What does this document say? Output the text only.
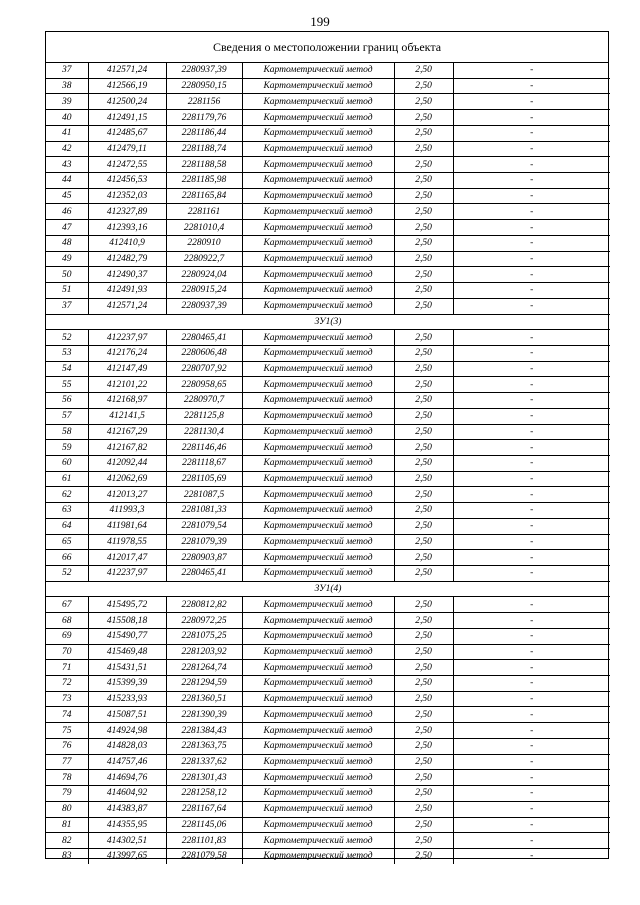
199
Сведения о местоположении границ объекта
37	412571,24	2280937,39	Картометрический метод	2,50	-
38	412566,19	2280950,15	Картометрический метод	2,50	-
39	412500,24	2281156	Картометрический метод	2,50	-
40	412491,15	2281179,76	Картометрический метод	2,50	-
41	412485,67	2281186,44	Картометрический метод	2,50	-
42	412479,11	2281188,74	Картометрический метод	2,50	-
43	412472,55	2281188,58	Картометрический метод	2,50	-
44	412456,53	2281185,98	Картометрический метод	2,50	-
45	412352,03	2281165,84	Картометрический метод	2,50	-
46	412327,89	2281161	Картометрический метод	2,50	-
47	412393,16	2281010,4	Картометрический метод	2,50	-
48	412410,9	2280910	Картометрический метод	2,50	-
49	412482,79	2280922,7	Картометрический метод	2,50	-
50	412490,37	2280924,04	Картометрический метод	2,50	-
51	412491,93	2280915,24	Картометрический метод	2,50	-
37	412571,24	2280937,39	Картометрический метод	2,50	-
ЗУ1(3)					
52	412237,97	2280465,41	Картометрический метод	2,50	-
53	412176,24	2280606,48	Картометрический метод	2,50	-
54	412147,49	2280707,92	Картометрический метод	2,50	-
55	412101,22	2280958,65	Картометрический метод	2,50	-
56	412168,97	2280970,7	Картометрический метод	2,50	-
57	412141,5	2281125,8	Картометрический метод	2,50	-
58	412167,29	2281130,4	Картометрический метод	2,50	-
59	412167,82	2281146,46	Картометрический метод	2,50	-
60	412092,44	2281118,67	Картометрический метод	2,50	-
61	412062,69	2281105,69	Картометрический метод	2,50	-
62	412013,27	2281087,5	Картометрический метод	2,50	-
63	411993,3	2281081,33	Картометрический метод	2,50	-
64	411981,64	2281079,54	Картометрический метод	2,50	-
65	411978,55	2281079,39	Картометрический метод	2,50	-
66	412017,47	2280903,87	Картометрический метод	2,50	-
52	412237,97	2280465,41	Картометрический метод	2,50	-
ЗУ1(4)					
67	415495,72	2280812,82	Картометрический метод	2,50	-
68	415508,18	2280972,25	Картометрический метод	2,50	-
69	415490,77	2281075,25	Картометрический метод	2,50	-
70	415469,48	2281203,92	Картометрический метод	2,50	-
71	415431,51	2281264,74	Картометрический метод	2,50	-
72	415399,39	2281294,59	Картометрический метод	2,50	-
73	415233,93	2281360,51	Картометрический метод	2,50	-
74	415087,51	2281390,39	Картометрический метод	2,50	-
75	414924,98	2281384,43	Картометрический метод	2,50	-
76	414828,03	2281363,75	Картометрический метод	2,50	-
77	414757,46	2281337,62	Картометрический метод	2,50	-
78	414694,76	2281301,43	Картометрический метод	2,50	-
79	414604,92	2281258,12	Картометрический метод	2,50	-
80	414383,87	2281167,64	Картометрический метод	2,50	-
81	414355,95	2281145,06	Картометрический метод	2,50	-
82	414302,51	2281101,83	Картометрический метод	2,50	-
83	413997,65	2281079,58	Картометрический метод	2,50	-
